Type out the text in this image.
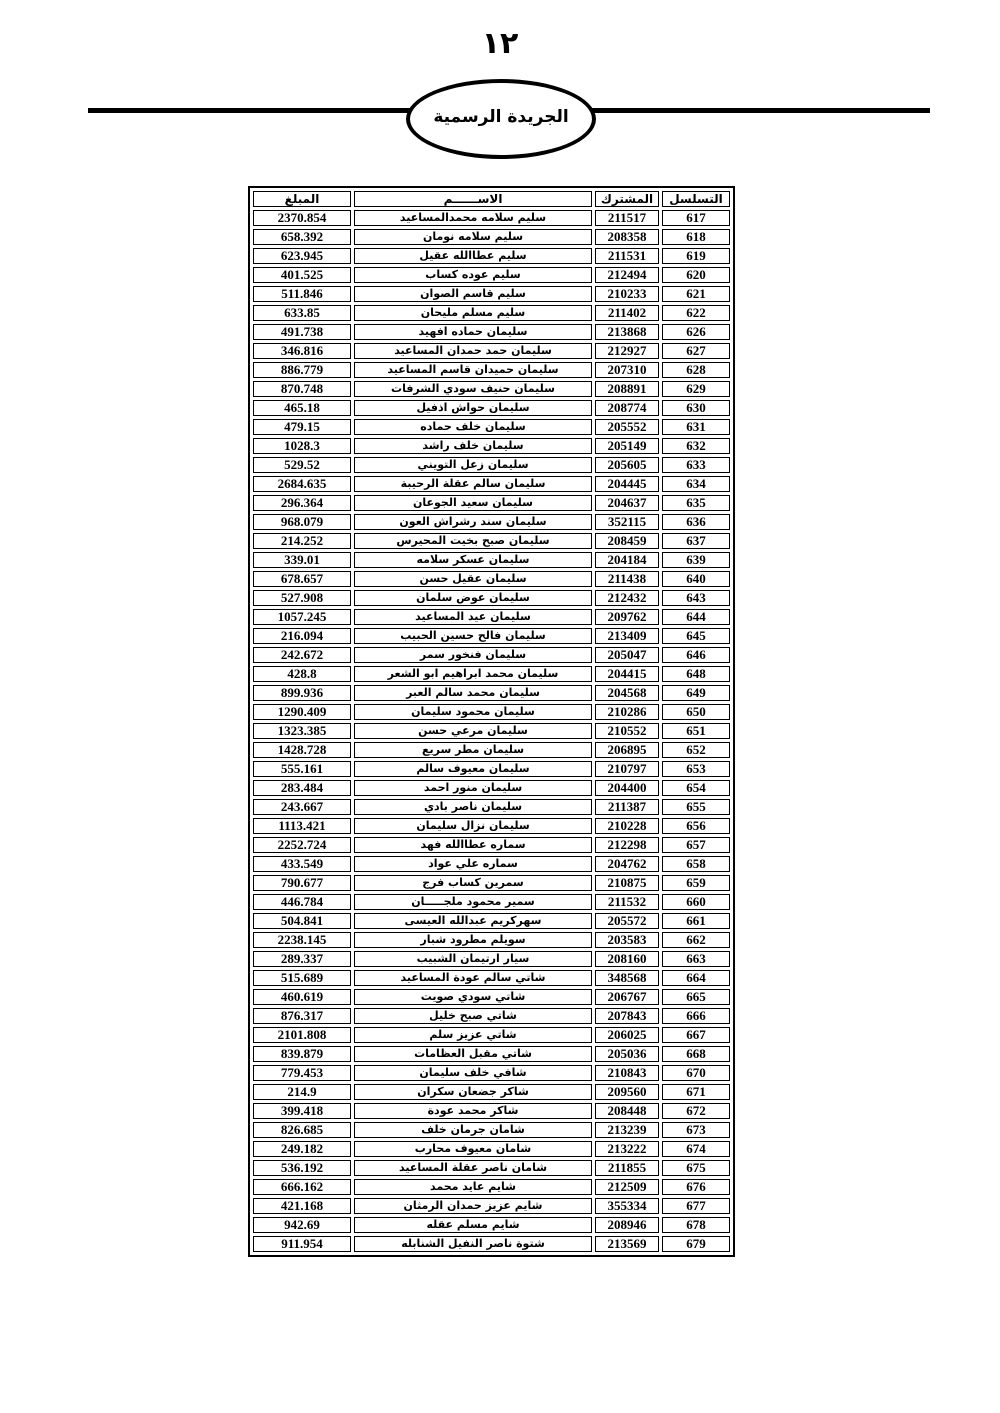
١٢
الجريدة الرسمية
التسلسل	المشترك	الاســــــم	المبلغ
617	211517	سليم سلامه محمدالمساعيد	2370.854
618	208358	سليم سلامه نومان	658.392
619	211531	سليم عطاالله عقيل	623.945
620	212494	سليم عوده كساب	401.525
621	210233	سليم قاسم الصوان	511.846
622	211402	سليم مسلم مليحان	633.85
626	213868	سليمان حماده افهيد	491.738
627	212927	سليمان حمد حمدان المساعيد	346.816
628	207310	سليمان حميدان قاسم المساعيد	886.779
629	208891	سليمان حنيف سودي الشرفات	870.748
630	208774	سليمان حواش اذفيل	465.18
631	205552	سليمان خلف حماده	479.15
632	205149	سليمان خلف راشد	1028.3
633	205605	سليمان زعل التويني	529.52
634	204445	سليمان سالم عقلة الرحيبة	2684.635
635	204637	سليمان سعيد الجوعان	296.364
636	352115	سليمان سند رشراش العون	968.079
637	208459	سليمان صبح بخيت المحيرس	214.252
639	204184	سليمان عسكر سلامه	339.01
640	211438	سليمان عقيل حسن	678.657
643	212432	سليمان عوض سلمان	527.908
644	209762	سليمان عيد المساعيد	1057.245
645	213409	سليمان فالح حسين الحبيب	216.094
646	205047	سليمان فنخور سمر	242.672
648	204415	سليمان محمد ابراهيم ابو الشعر	428.8
649	204568	سليمان محمد سالم العبر	899.936
650	210286	سليمان محمود سليمان	1290.409
651	210552	سليمان مرعي حسن	1323.385
652	206895	سليمان مطر سريع	1428.728
653	210797	سليمان معيوف سالم	555.161
654	204400	سليمان منور احمد	283.484
655	211387	سليمان ناصر بادي	243.667
656	210228	سليمان نزال سليمان	1113.421
657	212298	سماره عطاالله فهد	2252.724
658	204762	سماره علي عواد	433.549
659	210875	سمرين كساب فرج	790.677
660	211532	سمير محمود ملجـــــان	446.784
661	205572	سهركريم عبدالله العيسى	504.841
662	203583	سويلم مطرود شبار	2238.145
663	208160	سيار ارتيمان الشبيب	289.337
664	348568	شاتي سالم عودة المساعيد	515.689
665	206767	شاتي سودي صويت	460.619
666	207843	شاتي صبح خليل	876.317
667	206025	شاتي عزيز سلم	2101.808
668	205036	شاتي مقبل العظامات	839.879
670	210843	شافي خلف سليمان	779.453
671	209560	شاكر جضعان سكران	214.9
672	208448	شاكر محمد عودة	399.418
673	213239	شامان جرمان خلف	826.685
674	213222	شامان معيوف محارب	249.182
675	211855	شامان ناصر عقلة المساعيد	536.192
676	212509	شايم عايد محمد	666.162
677	355334	شايم عزيز حمدان الرمثان	421.168
678	208946	شايم مسلم عقله	942.69
679	213569	شتوة ناصر النفيل الشنابله	911.954
